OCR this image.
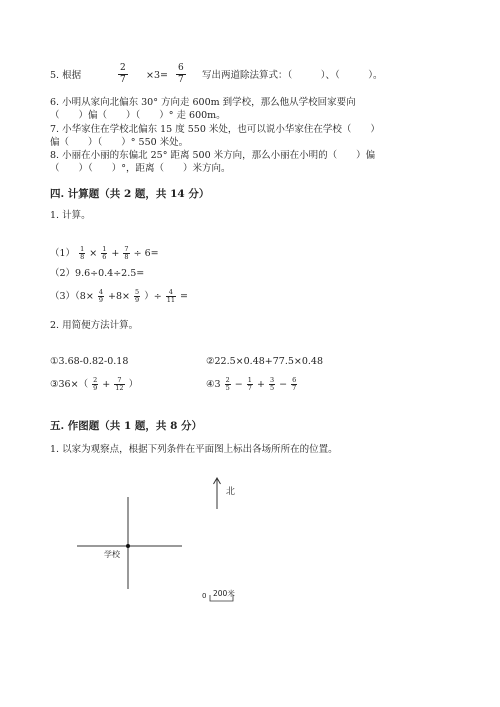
5. 根据	$\frac{2}{7} \times 3= \frac{6}{7}$ 写出两道除法算式：（　　　）、（　　　）。
6. 小明从家向北偏东 30° 方向走 600m 到学校，那么他从学校回家要向
（　　）偏（　　）（　　）° 走 600m。
7. 小华家住在学校北偏东 15 度 550 米处，也可以说小华家住在学校（　　）
偏（　　）（　　）° 550 米处。
8. 小丽在小丽的东偏北 25° 距离 500 米方向，那么小丽在小明的（　　）偏
（　　）（　　）°，距离（　　）米方向。
四. 计算题（共 2 题，共 14 分）
1. 计算。
$(1) \frac{1}{8} \times \frac{1}{6} + \frac{7}{8} \div 6=$
（2）9.6÷0.4÷2.5=
$(3)(8\times \frac{4}{9} +8\times \frac{5}{9}$ ）÷ $\frac{4}{11}$ =
2. 用简便方法计算。
①3.68-0.82-0.18	②22.5×0.48+77.5×0.48
③36×（ $\frac{2}{9} + \frac{7}{12}$ ）	④3 $\frac{2}{5} - \frac{1}{7} + \frac{3}{5} - \frac{6}{7}$
五. 作图题（共 1 题，共 8 分）
1. 以家为观察点，根据下列条件在平面图上标出各场所所在的位置。
北
学校
0 200米
